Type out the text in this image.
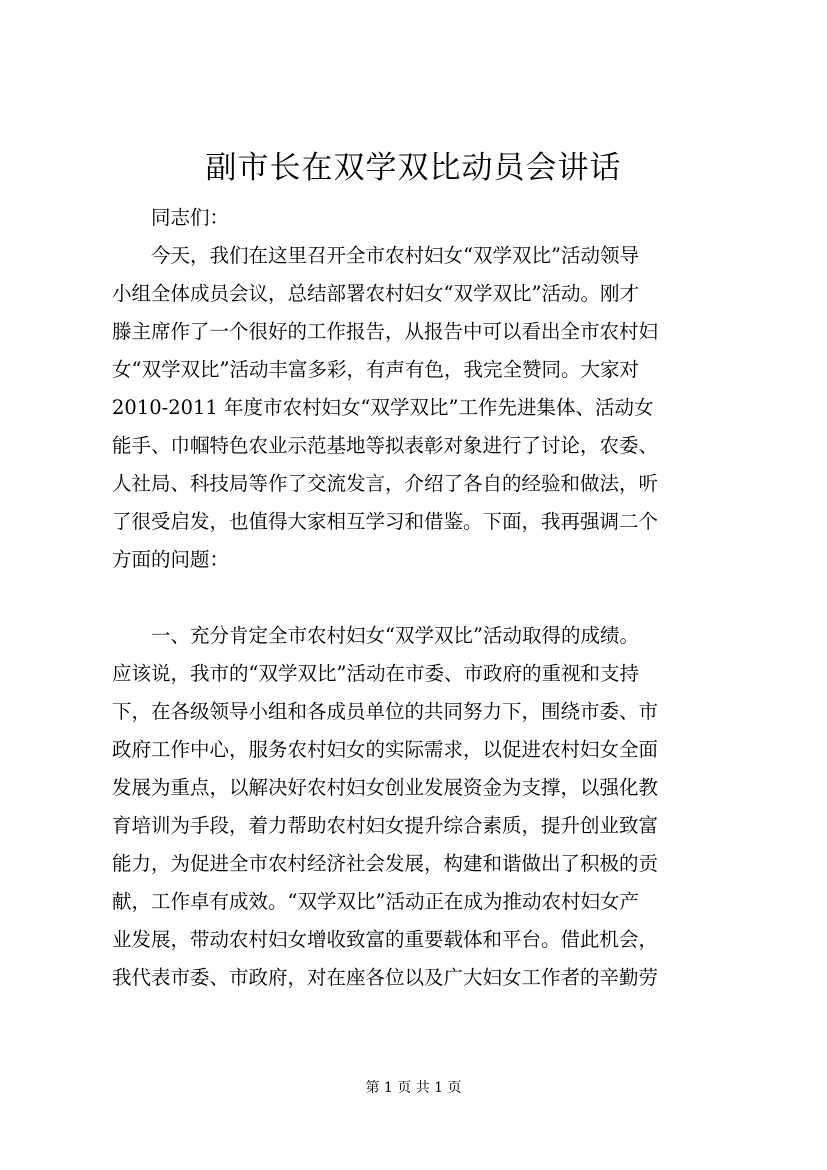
副市长在双学双比动员会讲话
同志们：
今天，我们在这里召开全市农村妇女“双学双比”活动领导
小组全体成员会议，总结部署农村妇女“双学双比”活动。刚才
滕主席作了一个很好的工作报告，从报告中可以看出全市农村妇
女“双学双比”活动丰富多彩，有声有色，我完全赞同。大家对
2010-2011 年度市农村妇女“双学双比”工作先进集体、活动女
能手、巾帼特色农业示范基地等拟表彰对象进行了讨论，农委、
人社局、科技局等作了交流发言，介绍了各自的经验和做法，听
了很受启发，也值得大家相互学习和借鉴。下面，我再强调二个
方面的问题：
一、充分肯定全市农村妇女“双学双比”活动取得的成绩。
应该说，我市的“双学双比”活动在市委、市政府的重视和支持
下，在各级领导小组和各成员单位的共同努力下，围绕市委、市
政府工作中心，服务农村妇女的实际需求，以促进农村妇女全面
发展为重点，以解决好农村妇女创业发展资金为支撑，以强化教
育培训为手段，着力帮助农村妇女提升综合素质，提升创业致富
能力，为促进全市农村经济社会发展，构建和谐做出了积极的贡
献，工作卓有成效。“双学双比”活动正在成为推动农村妇女产
业发展，带动农村妇女增收致富的重要载体和平台。借此机会，
我代表市委、市政府，对在座各位以及广大妇女工作者的辛勤劳
第 1 页 共 1 页
